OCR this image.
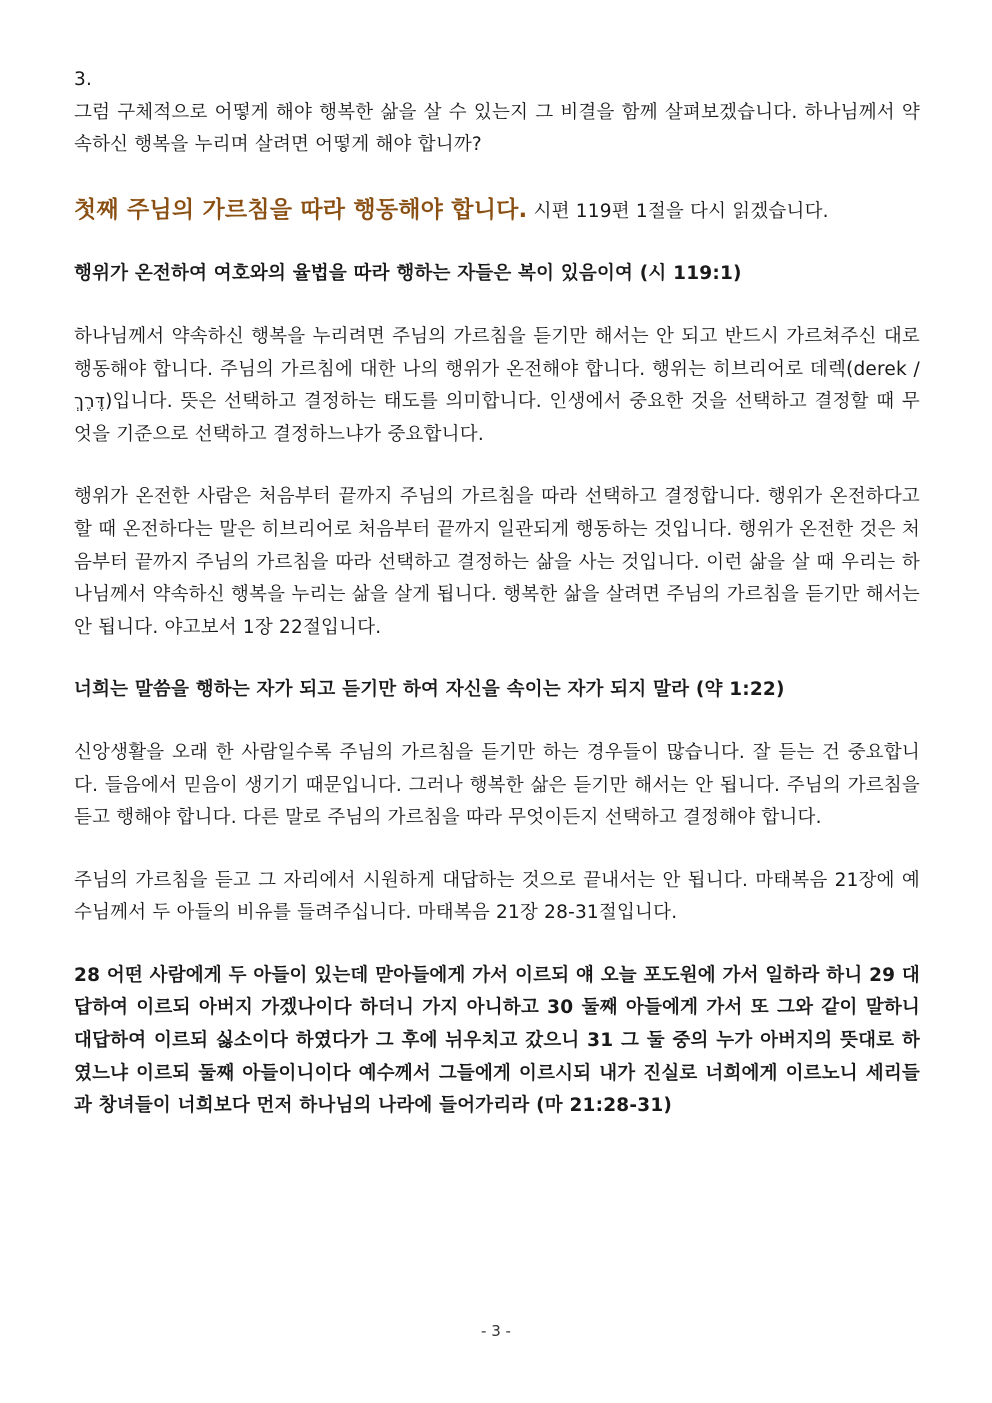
3.

그럼 구체적으로 어떻게 해야 행복한 삶을 살 수 있는지 그 비결을 함께 살펴보겠습니다. 하나님께서 약속하신 행복을 누리며 살려면 어떻게 해야 합니까?

첫째 주님의 가르침을 따라 행동해야 합니다. 시편 119편 1절을 다시 읽겠습니다.

행위가 온전하여 여호와의 율법을 따라 행하는 자들은 복이 있음이여 (시 119:1)

하나님께서 약속하신 행복을 누리려면 주님의 가르침을 듣기만 해서는 안 되고 반드시 가르쳐주신 대로 행동해야 합니다. 주님의 가르침에 대한 나의 행위가 온전해야 합니다. 행위는 히브리어로 데렉(derek / דֶּרֶךְ)입니다. 뜻은 선택하고 결정하는 태도를 의미합니다. 인생에서 중요한 것을 선택하고 결정할 때 무엇을 기준으로 선택하고 결정하느냐가 중요합니다.

행위가 온전한 사람은 처음부터 끝까지 주님의 가르침을 따라 선택하고 결정합니다. 행위가 온전하다고 할 때 온전하다는 말은 히브리어로 처음부터 끝까지 일관되게 행동하는 것입니다. 행위가 온전한 것은 처음부터 끝까지 주님의 가르침을 따라 선택하고 결정하는 삶을 사는 것입니다. 이런 삶을 살 때 우리는 하나님께서 약속하신 행복을 누리는 삶을 살게 됩니다. 행복한 삶을 살려면 주님의 가르침을 듣기만 해서는 안 됩니다. 야고보서 1장 22절입니다.

너희는 말씀을 행하는 자가 되고 듣기만 하여 자신을 속이는 자가 되지 말라 (약 1:22)

신앙생활을 오래 한 사람일수록 주님의 가르침을 듣기만 하는 경우들이 많습니다. 잘 듣는 건 중요합니다. 들음에서 믿음이 생기기 때문입니다. 그러나 행복한 삶은 듣기만 해서는 안 됩니다. 주님의 가르침을 듣고 행해야 합니다. 다른 말로 주님의 가르침을 따라 무엇이든지 선택하고 결정해야 합니다.

주님의 가르침을 듣고 그 자리에서 시원하게 대답하는 것으로 끝내서는 안 됩니다. 마태복음 21장에 예수님께서 두 아들의 비유를 들려주십니다. 마태복음 21장 28-31절입니다.

28 어떤 사람에게 두 아들이 있는데 맏아들에게 가서 이르되 얘 오늘 포도원에 가서 일하라 하니 29 대답하여 이르되 아버지 가겠나이다 하더니 가지 아니하고 30 둘째 아들에게 가서 또 그와 같이 말하니 대답하여 이르되 싫소이다 하였다가 그 후에 뉘우치고 갔으니 31 그 둘 중의 누가 아버지의 뜻대로 하였느냐 이르되 둘째 아들이니이다 예수께서 그들에게 이르시되 내가 진실로 너희에게 이르노니 세리들과 창녀들이 너희보다 먼저 하나님의 나라에 들어가리라 (마 21:28-31)

- 3 -
